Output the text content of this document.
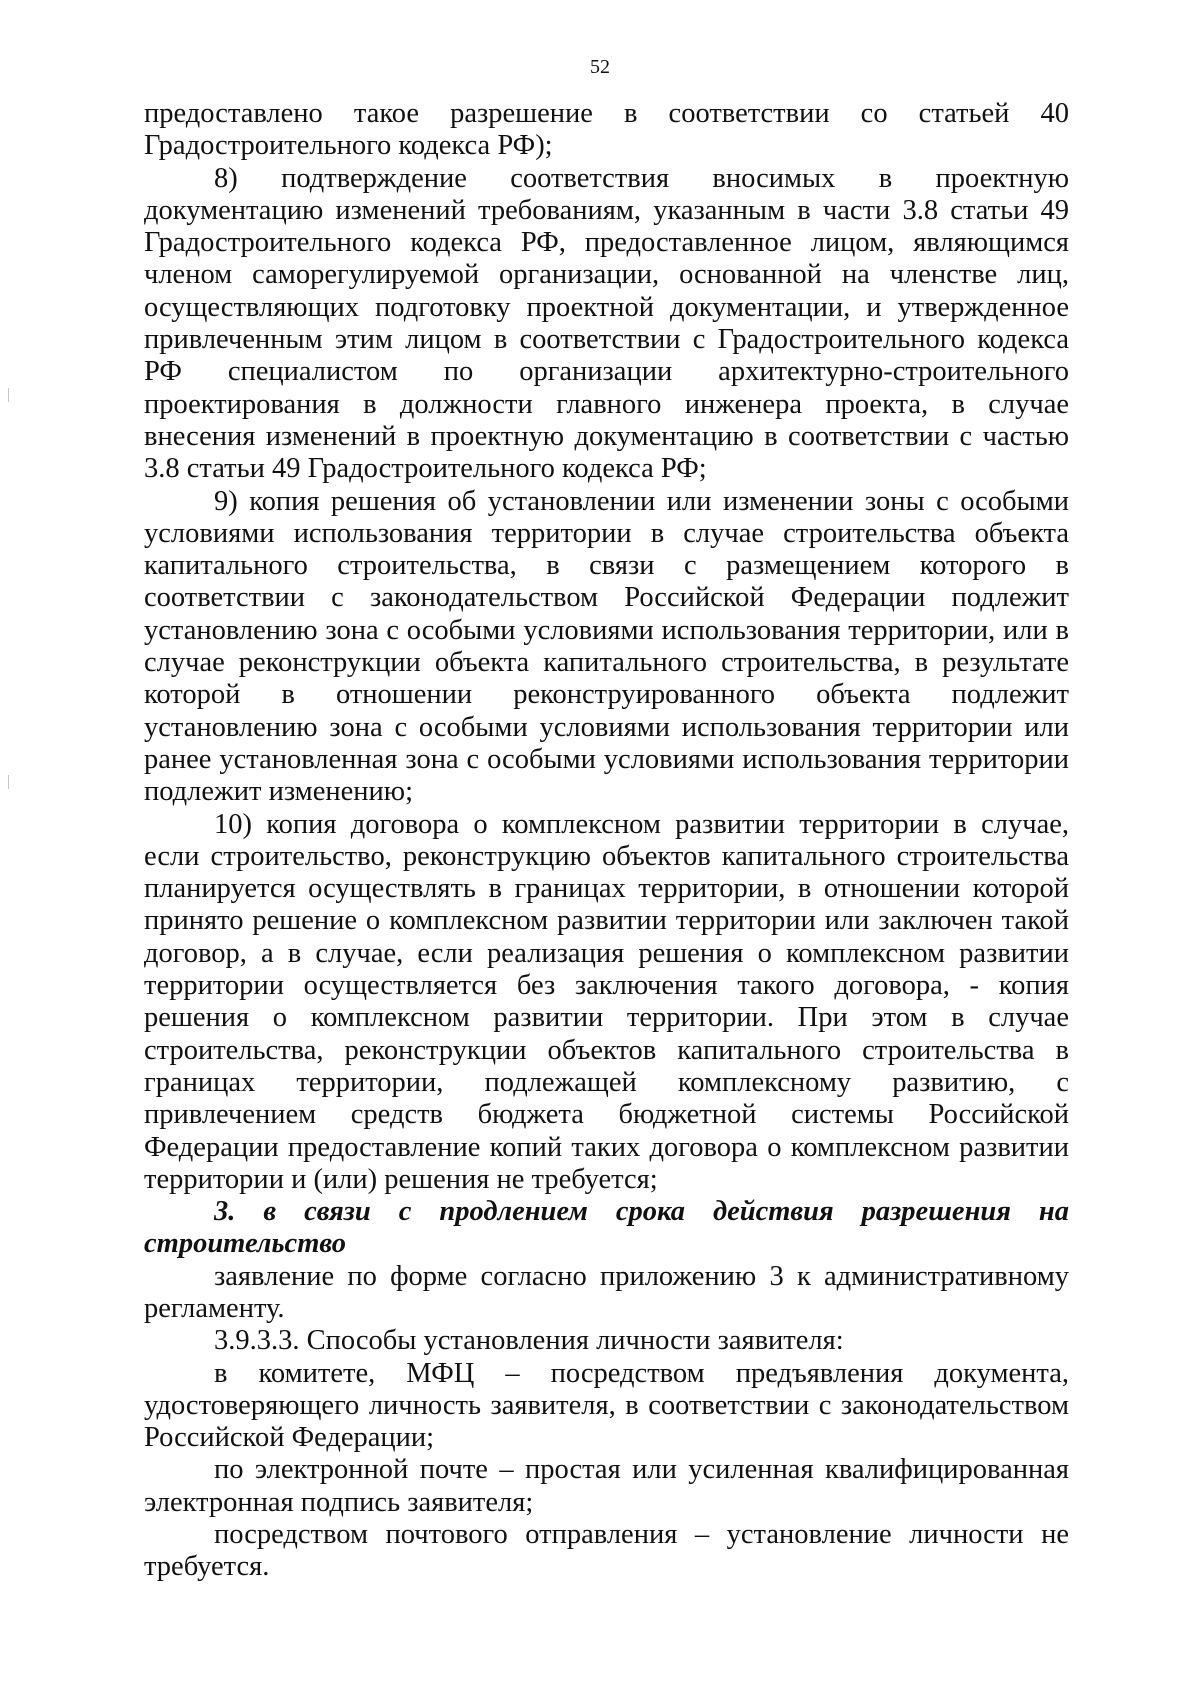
52

предоставлено такое разрешение в соответствии со статьей 40 Градостроительного кодекса РФ);

8) подтверждение соответствия вносимых в проектную документацию изменений требованиям, указанным в части 3.8 статьи 49 Градостроительного кодекса РФ, предоставленное лицом, являющимся членом саморегулируемой организации, основанной на членстве лиц, осуществляющих подготовку проектной документации, и утвержденное привлеченным этим лицом в соответствии с Градостроительного кодекса РФ специалистом по организации архитектурно-строительного проектирования в должности главного инженера проекта, в случае внесения изменений в проектную документацию в соответствии с частью 3.8 статьи 49 Градостроительного кодекса РФ;

9) копия решения об установлении или изменении зоны с особыми условиями использования территории в случае строительства объекта капитального строительства, в связи с размещением которого в соответствии с законодательством Российской Федерации подлежит установлению зона с особыми условиями использования территории, или в случае реконструкции объекта капитального строительства, в результате которой в отношении реконструированного объекта подлежит установлению зона с особыми условиями использования территории или ранее установленная зона с особыми условиями использования территории подлежит изменению;

10) копия договора о комплексном развитии территории в случае, если строительство, реконструкцию объектов капитального строительства планируется осуществлять в границах территории, в отношении которой принято решение о комплексном развитии территории или заключен такой договор, а в случае, если реализация решения о комплексном развитии территории осуществляется без заключения такого договора, - копия решения о комплексном развитии территории. При этом в случае строительства, реконструкции объектов капитального строительства в границах территории, подлежащей комплексному развитию, с привлечением средств бюджета бюджетной системы Российской Федерации предоставление копий таких договора о комплексном развитии территории и (или) решения не требуется;

3. в связи с продлением срока действия разрешения на строительство

заявление по форме согласно приложению 3 к административному регламенту.

3.9.3.3. Способы установления личности заявителя:

в комитете, МФЦ – посредством предъявления документа, удостоверяющего личность заявителя, в соответствии с законодательством Российской Федерации;

по электронной почте – простая или усиленная квалифицированная электронная подпись заявителя;

посредством почтового отправления – установление личности не требуется.
